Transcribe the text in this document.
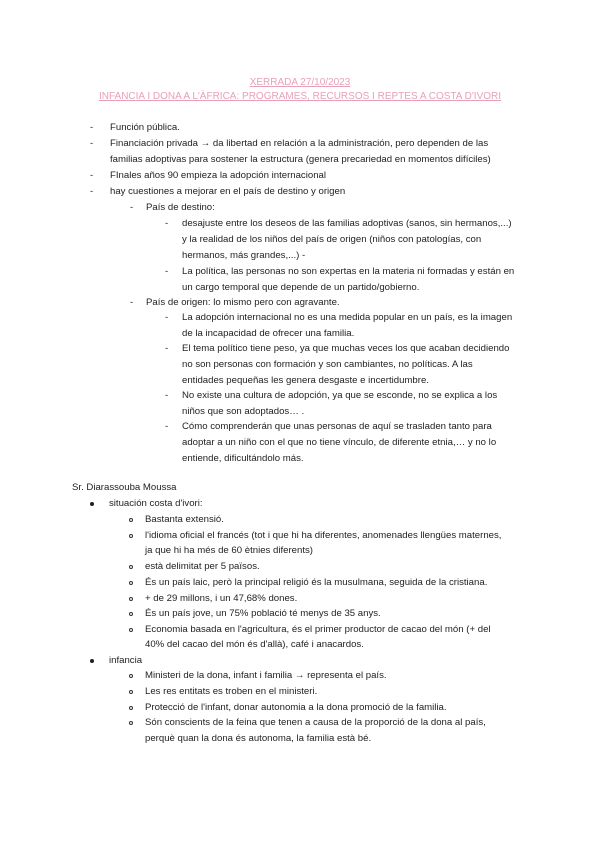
XERRADA 27/10/2023
INFANCIA I DONA A L'ÀFRICA: PROGRAMES, RECURSOS I REPTES A COSTA D'IVORI
- Función pública.
- Financiación privada → da libertad en relación a la administración, pero dependen de las
familias adoptivas para sostener la estructura (genera precariedad en momentos difíciles)
- FInales años 90 empieza la adopción internacional
- hay cuestiones a mejorar en el país de destino y origen
- País de destino:
- desajuste entre los deseos de las familias adoptivas (sanos, sin hermanos,...)
y la realidad de los niños del país de origen (niños con patologías, con
hermanos, más grandes,...) -
- La política, las personas no son expertas en la materia ni formadas y están en
un cargo temporal que depende de un partido/gobierno.
- País de origen: lo mismo pero con agravante.
- La adopción internacional no es una medida popular en un país, es la imagen
de la incapacidad de ofrecer una familia.
- El tema político tiene peso, ya que muchas veces los que acaban decidiendo
no son personas con formación y son cambiantes, no políticas. A las
entidades pequeñas les genera desgaste e incertidumbre.
- No existe una cultura de adopción, ya que se esconde, no se explica a los
niños que son adoptados… .
- Cómo comprenderán que unas personas de aquí se trasladen tanto para
adoptar a un niño con el que no tiene vínculo, de diferente etnia,… y no lo
entiende, dificultándolo más.
Sr. Diarassouba Moussa
situación costa d'ivori:
Bastanta extensió.
l'idioma oficial el francés (tot i que hi ha diferentes, anomenades llengües maternes,
ja que hi ha més de 60 ètnies diferents)
està delimitat per 5 països.
És un país laic, però la principal religió és la musulmana, seguida de la cristiana.
+ de 29 millons, i un 47,68% dones.
És un país jove, un 75% població té menys de 35 anys.
Economia basada en l'agricultura, és el primer productor de cacao del món (+ del
40% del cacao del món és d'allà), café i anacardos.
infancia
Ministeri de la dona, infant i familia → representa el país.
Les res entitats es troben en el ministeri.
Protecció de l'infant, donar autonomia a la dona promoció de la familia.
Són conscients de la feina que tenen a causa de la proporció de la dona al país,
perquè quan la dona és autonoma, la familia està bé.
